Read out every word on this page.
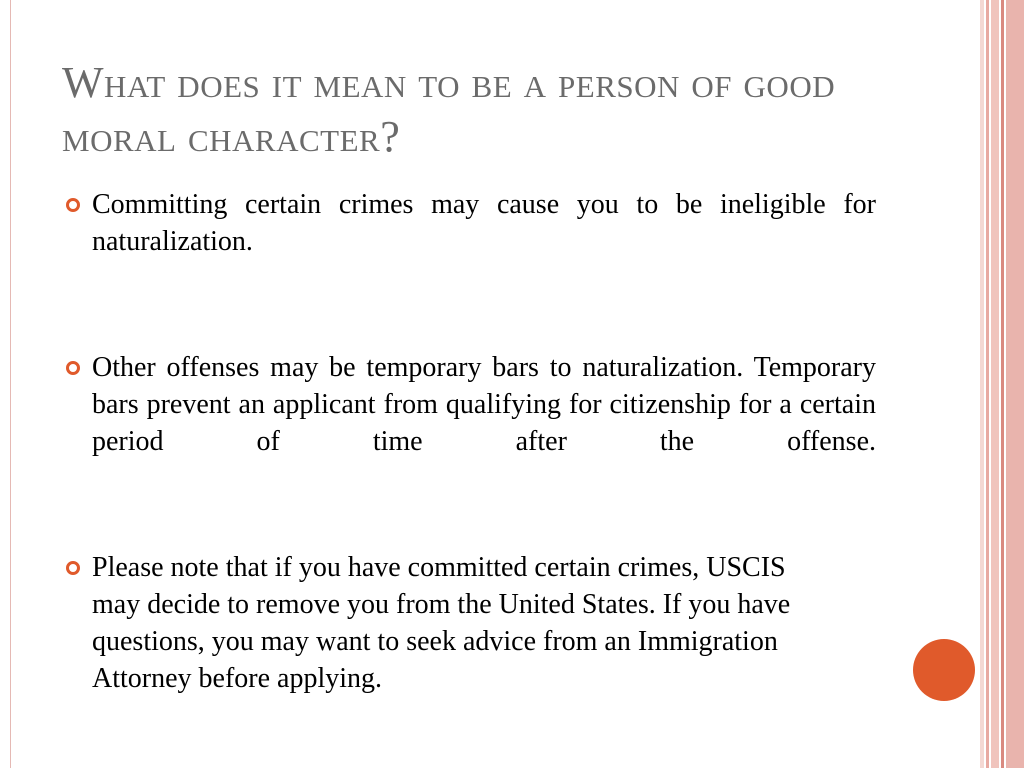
What does it mean to be a person of good moral character?
Committing certain crimes may cause you to be ineligible for naturalization.
Other offenses may be temporary bars to naturalization. Temporary bars prevent an applicant from qualifying for citizenship for a certain period of time after the offense.
Please note that if you have committed certain crimes, USCIS may decide to remove you from the United States. If you have questions, you may want to seek advice from an Immigration Attorney before applying.
